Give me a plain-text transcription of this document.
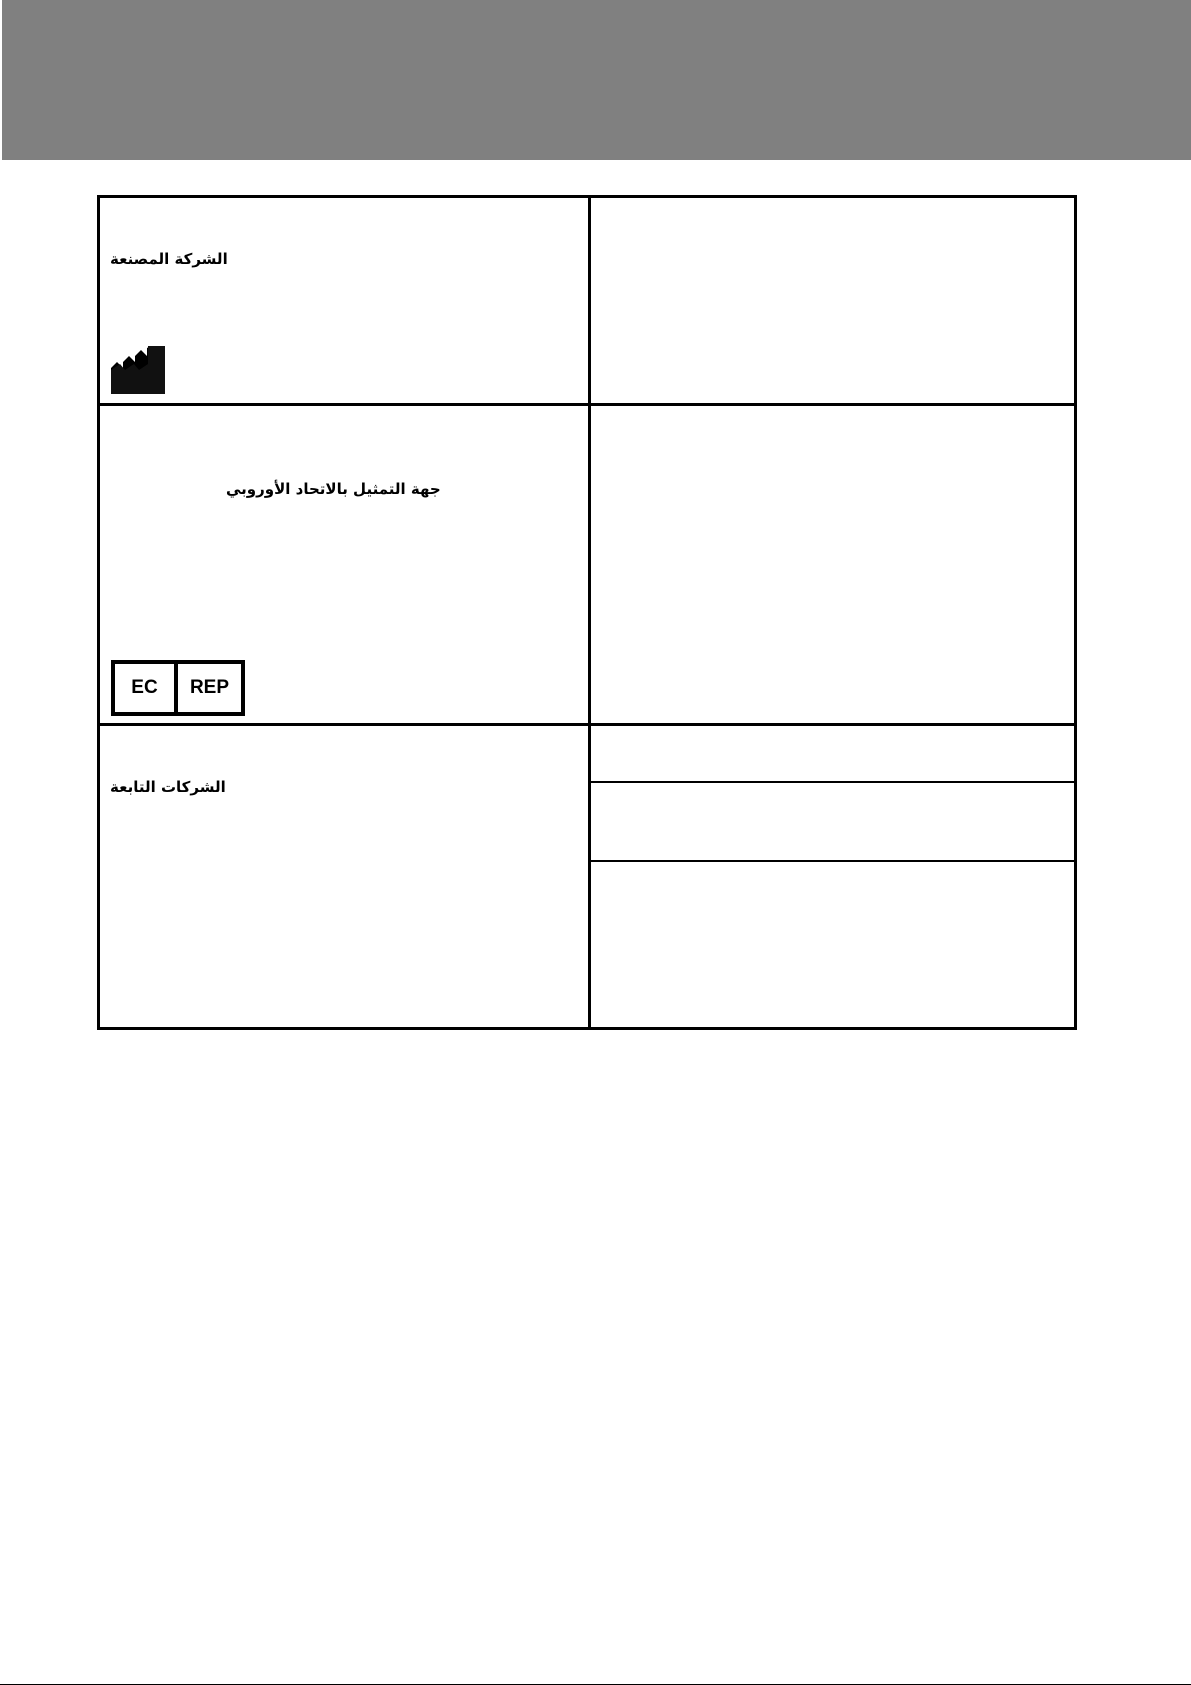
الشركة المصنعة
جهة التمثيل بالاتحاد الأوروبي
EC	REP
الشركات التابعة
